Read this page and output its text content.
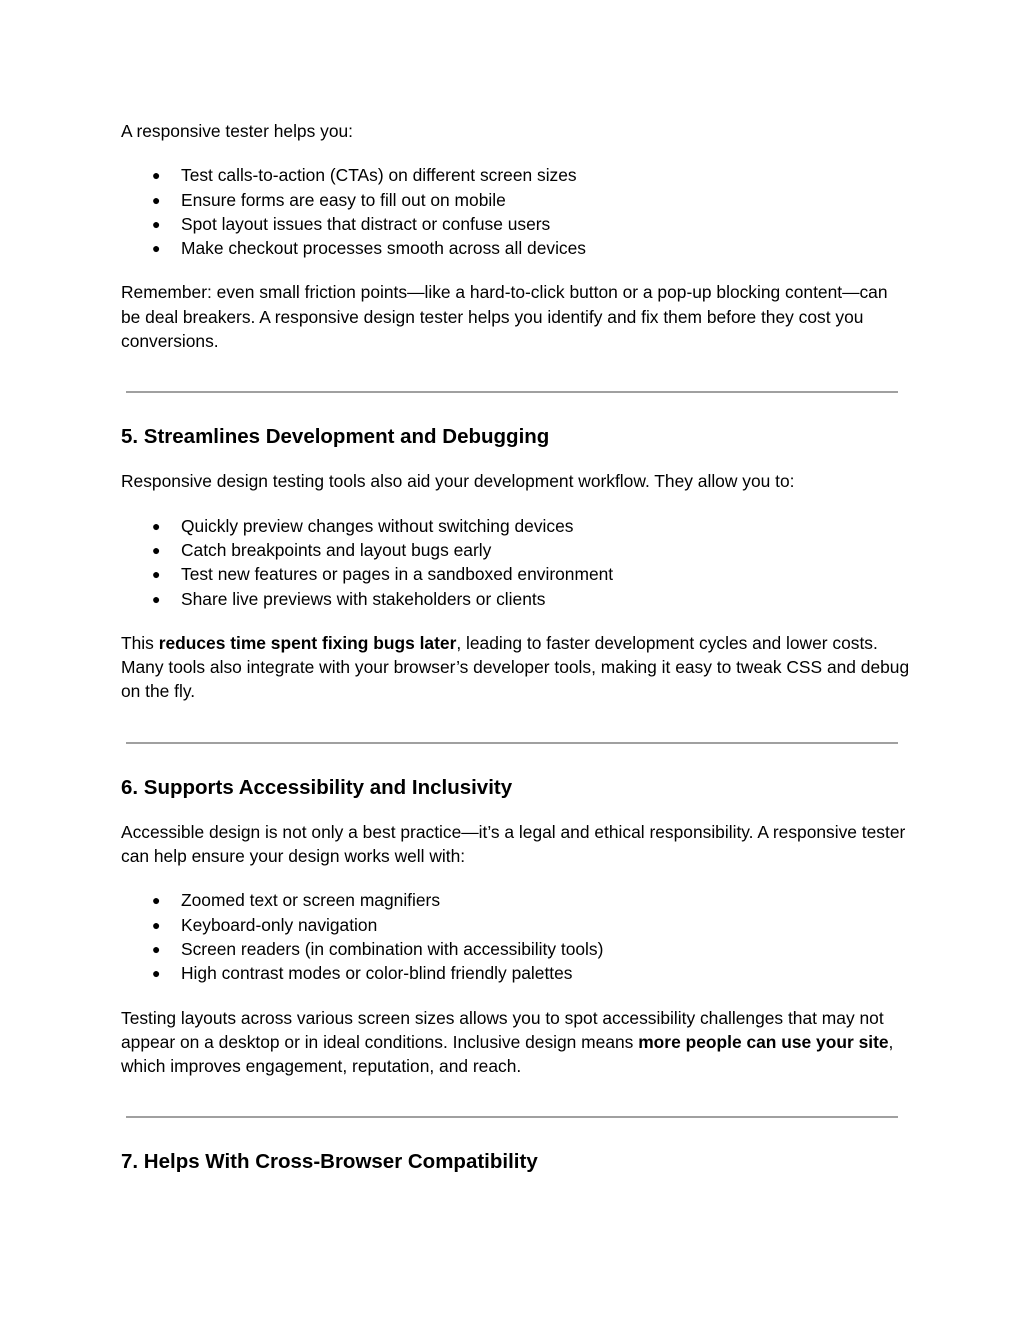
A responsive tester helps you:

● Test calls-to-action (CTAs) on different screen sizes
● Ensure forms are easy to fill out on mobile
● Spot layout issues that distract or confuse users
● Make checkout processes smooth across all devices

Remember: even small friction points—like a hard-to-click button or a pop-up blocking content—can be deal breakers. A responsive design tester helps you identify and fix them before they cost you conversions.

5. Streamlines Development and Debugging

Responsive design testing tools also aid your development workflow. They allow you to:

● Quickly preview changes without switching devices
● Catch breakpoints and layout bugs early
● Test new features or pages in a sandboxed environment
● Share live previews with stakeholders or clients

This reduces time spent fixing bugs later, leading to faster development cycles and lower costs. Many tools also integrate with your browser’s developer tools, making it easy to tweak CSS and debug on the fly.

6. Supports Accessibility and Inclusivity

Accessible design is not only a best practice—it’s a legal and ethical responsibility. A responsive tester can help ensure your design works well with:

● Zoomed text or screen magnifiers
● Keyboard-only navigation
● Screen readers (in combination with accessibility tools)
● High contrast modes or color-blind friendly palettes

Testing layouts across various screen sizes allows you to spot accessibility challenges that may not appear on a desktop or in ideal conditions. Inclusive design means more people can use your site, which improves engagement, reputation, and reach.

7. Helps With Cross-Browser Compatibility
